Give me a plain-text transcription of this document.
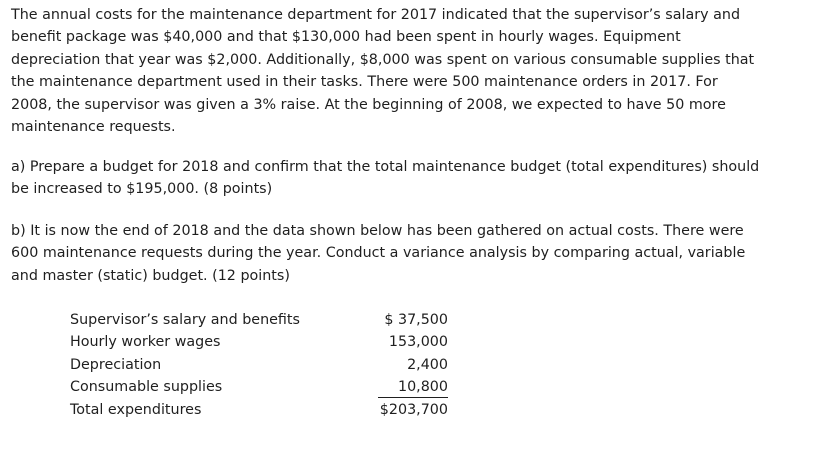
The annual costs for the maintenance department for 2017 indicated that the supervisor’s salary and
benefit package was $40,000 and that $130,000 had been spent in hourly wages. Equipment
depreciation that year was $2,000. Additionally, $8,000 was spent on various consumable supplies that
the maintenance department used in their tasks. There were 500 maintenance orders in 2017. For
2008, the supervisor was given a 3% raise. At the beginning of 2008, we expected to have 50 more
maintenance requests.

a) Prepare a budget for 2018 and confirm that the total maintenance budget (total expenditures) should
be increased to $195,000. (8 points)

b) It is now the end of 2018 and the data shown below has been gathered on actual costs. There were
600 maintenance requests during the year. Conduct a variance analysis by comparing actual, variable
and master (static) budget. (12 points)

Supervisor’s salary and benefits	$ 37,500
Hourly worker wages	153,000
Depreciation	2,400
Consumable supplies	10,800
Total expenditures	$203,700
